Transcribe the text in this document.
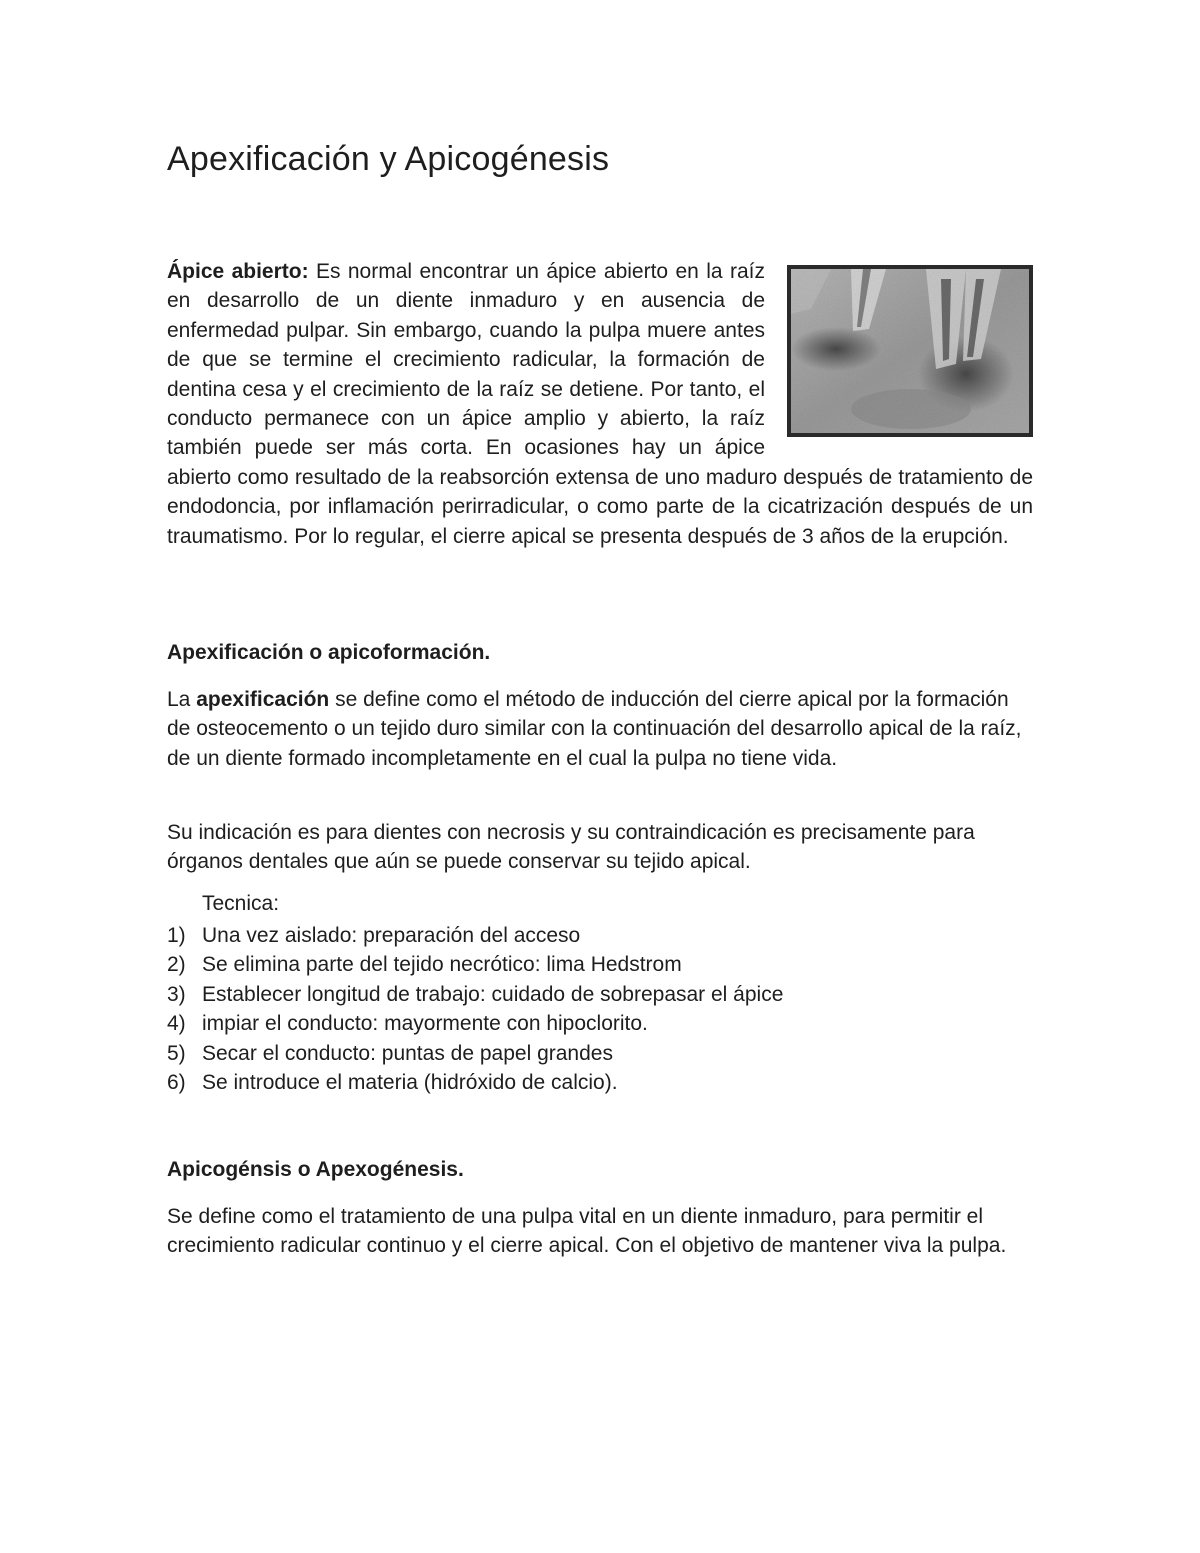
Apexificación y Apicogénesis

Ápice abierto: Es normal encontrar un ápice abierto en la raíz en desarrollo de un diente inmaduro y en ausencia de enfermedad pulpar. Sin embargo, cuando la pulpa muere antes de que se termine el crecimiento radicular, la formación de dentina cesa y el crecimiento de la raíz se detiene. Por tanto, el conducto permanece con un ápice amplio y abierto, la raíz también puede ser más corta. En ocasiones hay un ápice abierto como resultado de la reabsorción extensa de uno maduro después de tratamiento de endodoncia, por inflamación perirradicular, o como parte de la cicatrización después de un traumatismo. Por lo regular, el cierre apical se presenta después de 3 años de la erupción.

Apexificación o apicoformación.

La apexificación se define como el método de inducción del cierre apical por la formación de osteocemento o un tejido duro similar con la continuación del desarrollo apical de la raíz, de un diente formado incompletamente en el cual la pulpa no tiene vida.

Su indicación es para dientes con necrosis y su contraindicación es precisamente para órganos dentales que aún se puede conservar su tejido apical.

Tecnica:

1) Una vez aislado: preparación del acceso
2) Se elimina parte del tejido necrótico: lima Hedstrom
3) Establecer longitud de trabajo: cuidado de sobrepasar el ápice
4) impiar el conducto: mayormente con hipoclorito.
5) Secar el conducto: puntas de papel grandes
6) Se introduce el materia (hidróxido de calcio).
Apicogénsis o Apexogénesis.

Se define como el tratamiento de una pulpa vital en un diente inmaduro, para permitir el crecimiento radicular continuo y el cierre apical. Con el objetivo de mantener viva la pulpa.
